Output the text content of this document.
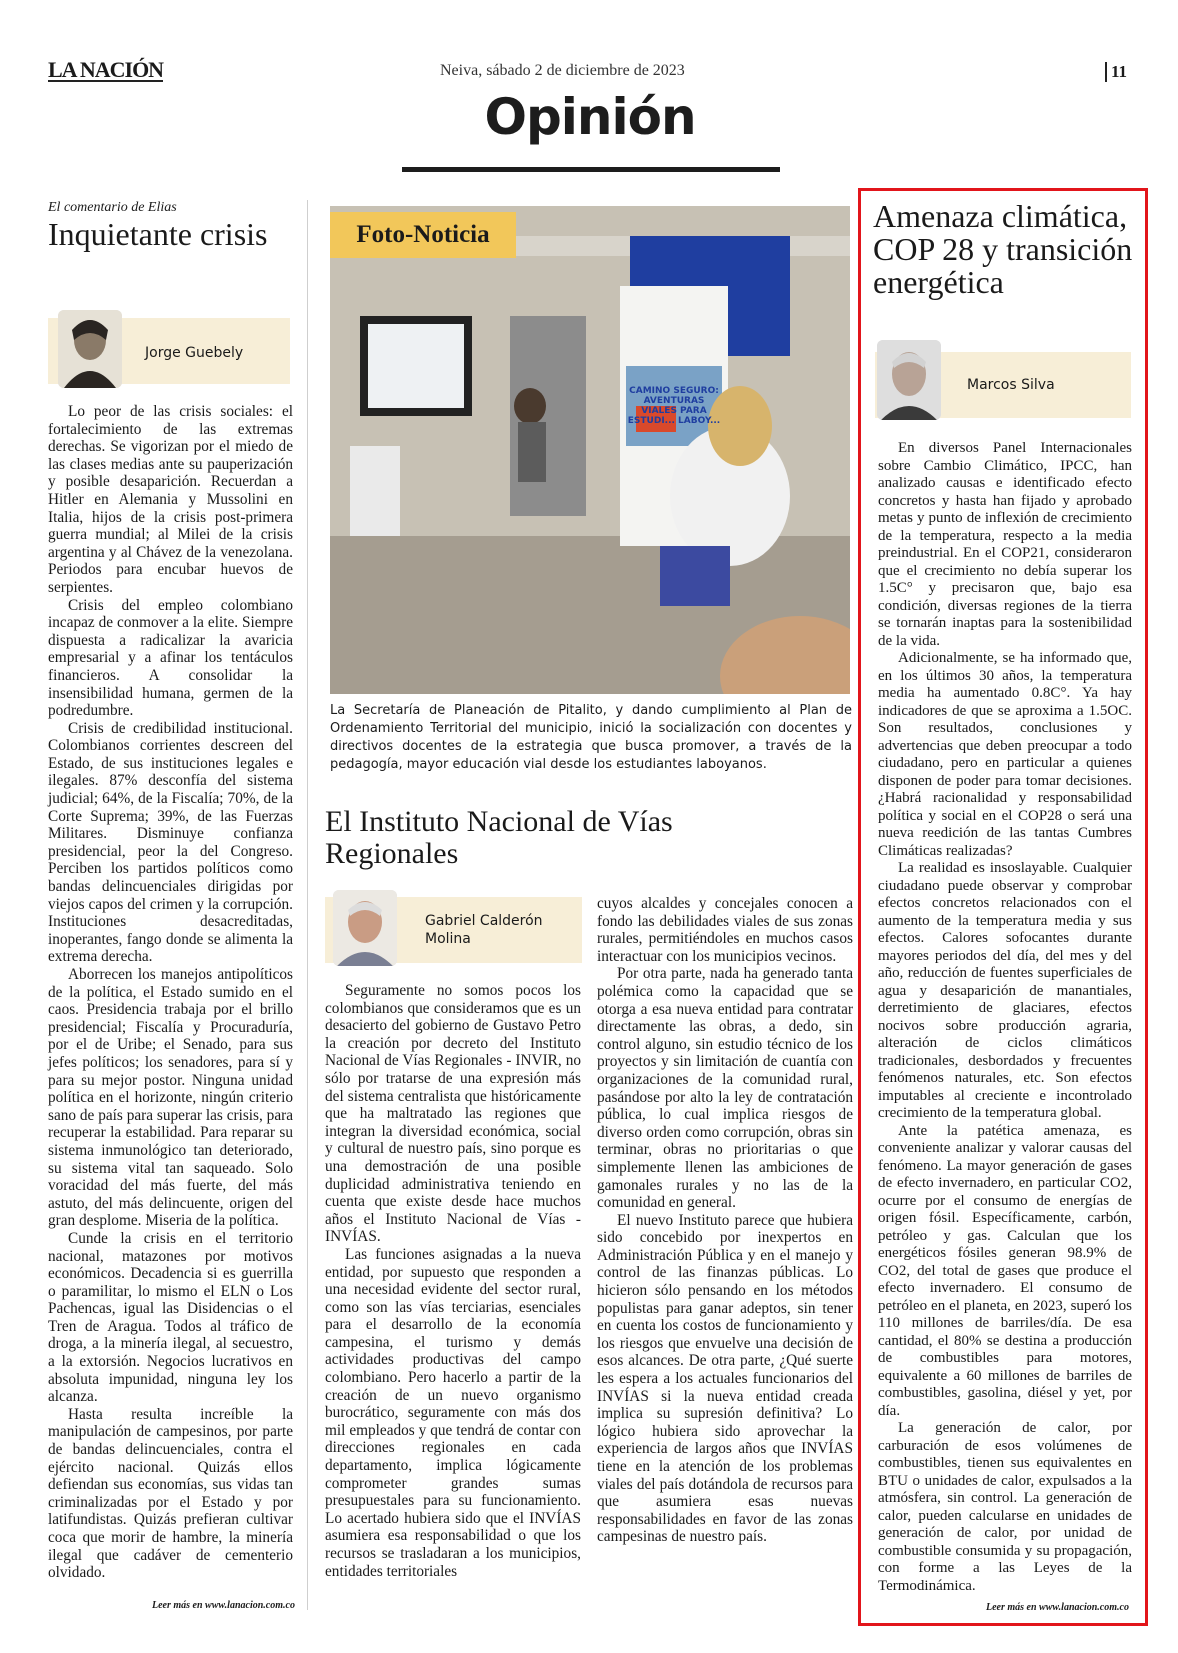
LA NACIÓN	Neiva, sábado 2 de diciembre de 2023	11
Opinión
El comentario de Elias
Inquietante crisis
Jorge Guebely

Lo peor de las crisis sociales: el fortalecimiento de las extremas derechas. Se vigorizan por el miedo de las clases medias ante su pauperización y posible desaparición. Recuerdan a Hitler en Alemania y Mussolini en Italia, hijos de la crisis post-primera guerra mundial; al Milei de la crisis argentina y al Chávez de la venezolana. Periodos para encubar huevos de serpientes.

Crisis del empleo colombiano incapaz de conmover a la elite. Siempre dispuesta a radicalizar la avaricia empresarial y a afinar los tentáculos financieros. A consolidar la insensibilidad humana, germen de la podredumbre.

Crisis de credibilidad institucional. Colombianos corrientes descreen del Estado, de sus instituciones legales e ilegales. 87% desconfía del sistema judicial; 64%, de la Fiscalía; 70%, de la Corte Suprema; 39%, de las Fuerzas Militares. Disminuye confianza presidencial, peor la del Congreso. Perciben los partidos políticos como bandas delincuenciales dirigidas por viejos capos del crimen y la corrupción. Instituciones desacreditadas, inoperantes, fango donde se alimenta la extrema derecha.

Aborrecen los manejos antipolíticos de la política, el Estado sumido en el caos. Presidencia trabaja por el brillo presidencial; Fiscalía y Procuraduría, por el de Uribe; el Senado, para sus jefes políticos; los senadores, para sí y para su mejor postor. Ninguna unidad política en el horizonte, ningún criterio sano de país para superar las crisis, para recuperar la estabilidad. Para reparar su sistema inmunológico tan deteriorado, su sistema vital tan saqueado. Solo voracidad del más fuerte, del más astuto, del más delincuente, origen del gran desplome. Miseria de la política.

Cunde la crisis en el territorio nacional, matazones por motivos económicos. Decadencia si es guerrilla o paramilitar, lo mismo el ELN o Los Pachencas, igual las Disidencias o el Tren de Aragua. Todos al tráfico de droga, a la minería ilegal, al secuestro, a la extorsión. Negocios lucrativos en absoluta impunidad, ninguna ley los alcanza.

Hasta resulta increíble la manipulación de campesinos, por parte de bandas delincuenciales, contra el ejército nacional. Quizás ellos defiendan sus economías, sus vidas tan criminalizadas por el Estado y por latifundistas. Quizás prefieran cultivar coca que morir de hambre, la minería ilegal que cadáver de cementerio olvidado.

Leer más en www.lanacion.com.co
CAMINO SEGURO: AVENTURAS VIALES PARA ESTUDI... LABOY...
Foto-Noticia
La Secretaría de Planeación de Pitalito, y dando cumplimiento al Plan de Ordenamiento Territorial del municipio, inició la socialización con docentes y directivos docentes de la estrategia que busca promover, a través de la pedagogía, mayor educación vial desde los estudiantes laboyanos.
El Instituto Nacional de Vías Regionales
Gabriel Calderón Molina

Seguramente no somos pocos los colombianos que consideramos que es un desacierto del gobierno de Gustavo Petro la creación por decreto del Instituto Nacional de Vías Regionales - INVIR, no sólo por tratarse de una expresión más del sistema centralista que históricamente que ha maltratado las regiones que integran la diversidad económica, social y cultural de nuestro país, sino porque es una demostración de una posible duplicidad administrativa teniendo en cuenta que existe desde hace muchos años el Instituto Nacional de Vías - INVÍAS.

Las funciones asignadas a la nueva entidad, por supuesto que responden a una necesidad evidente del sector rural, como son las vías terciarias, esenciales para el desarrollo de la economía campesina, el turismo y demás actividades productivas del campo colombiano. Pero hacerlo a partir de la creación de un nuevo organismo burocrático, seguramente con más dos mil empleados y que tendrá de contar con direcciones regionales en cada departamento, implica lógicamente comprometer grandes sumas presupuestales para su funcionamiento. Lo acertado hubiera sido que el INVÍAS asumiera esa responsabilidad o que los recursos se trasladaran a los municipios, entidades territoriales

cuyos alcaldes y concejales conocen a fondo las debilidades viales de sus zonas rurales, permitiéndoles en muchos casos interactuar con los municipios vecinos.

Por otra parte, nada ha generado tanta polémica como la capacidad que se otorga a esa nueva entidad para contratar directamente las obras, a dedo, sin control alguno, sin estudio técnico de los proyectos y sin limitación de cuantía con organizaciones de la comunidad rural, pasándose por alto la ley de contratación pública, lo cual implica riesgos de diverso orden como corrupción, obras sin terminar, obras no prioritarias o que simplemente llenen las ambiciones de gamonales rurales y no las de la comunidad en general.

El nuevo Instituto parece que hubiera sido concebido por inexpertos en Administración Pública y en el manejo y control de las finanzas públicas. Lo hicieron sólo pensando en los métodos populistas para ganar adeptos, sin tener en cuenta los costos de funcionamiento y los riesgos que envuelve una decisión de esos alcances. De otra parte, ¿Qué suerte les espera a los actuales funcionarios del INVÍAS si la nueva entidad creada implica su supresión definitiva? Lo lógico hubiera sido aprovechar la experiencia de largos años que INVÍAS tiene en la atención de los problemas viales del país dotándola de recursos para que asumiera esas nuevas responsabilidades en favor de las zonas campesinas de nuestro país.

Amenaza climática, COP 28 y transición energética
Marcos Silva

En diversos Panel Internacionales sobre Cambio Climático, IPCC, han analizado causas e identificado efecto concretos y hasta han fijado y aprobado metas y punto de inflexión de crecimiento de la temperatura, respecto a la media preindustrial. En el COP21, consideraron que el crecimiento no debía superar los 1.5C° y precisaron que, bajo esa condición, diversas regiones de la tierra se tornarán inaptas para la sostenibilidad de la vida.

Adicionalmente, se ha informado que, en los últimos 30 años, la temperatura media ha aumentado 0.8C°. Ya hay indicadores de que se aproxima a 1.5OC. Son resultados, conclusiones y advertencias que deben preocupar a todo ciudadano, pero en particular a quienes disponen de poder para tomar decisiones. ¿Habrá racionalidad y responsabilidad política y social en el COP28 o será una nueva reedición de las tantas Cumbres Climáticas realizadas?

La realidad es insoslayable. Cualquier ciudadano puede observar y comprobar efectos concretos relacionados con el aumento de la temperatura media y sus efectos. Calores sofocantes durante mayores periodos del día, del mes y del año, reducción de fuentes superficiales de agua y desaparición de manantiales, derretimiento de glaciares, efectos nocivos sobre producción agraria, alteración de ciclos climáticos tradicionales, desbordados y frecuentes fenómenos naturales, etc. Son efectos imputables al creciente e incontrolado crecimiento de la temperatura global.

Ante la patética amenaza, es conveniente analizar y valorar causas del fenómeno. La mayor generación de gases de efecto invernadero, en particular CO2, ocurre por el consumo de energías de origen fósil. Específicamente, carbón, petróleo y gas. Calculan que los energéticos fósiles generan 98.9% de CO2, del total de gases que produce el efecto invernadero. El consumo de petróleo en el planeta, en 2023, superó los 110 millones de barriles/día. De esa cantidad, el 80% se destina a producción de combustibles para motores, equivalente a 60 millones de barriles de combustibles, gasolina, diésel y yet, por día.

La generación de calor, por carburación de esos volúmenes de combustibles, tienen sus equivalentes en BTU o unidades de calor, expulsados a la atmósfera, sin control. La generación de calor, pueden calcularse en unidades de generación de calor, por unidad de combustible consumida y su propagación, con forme a las Leyes de la Termodinámica.

Leer más en www.lanacion.com.co
